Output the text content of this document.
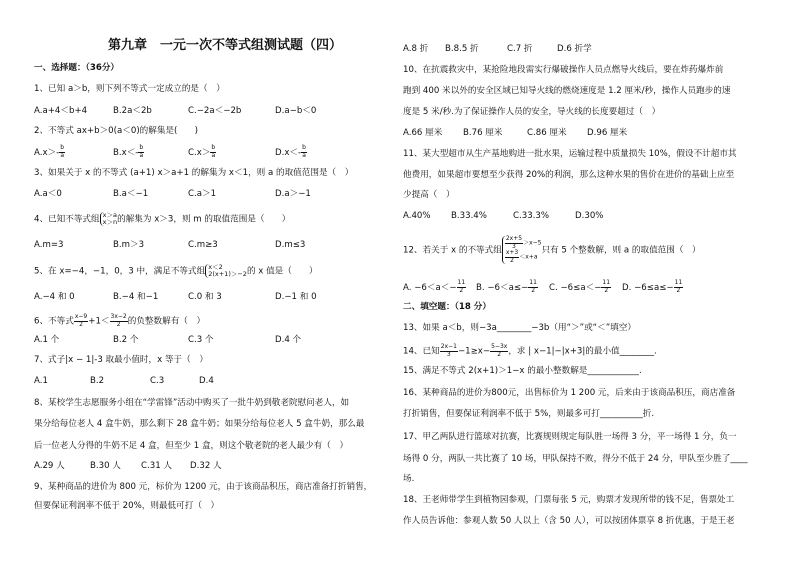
第九章　一元一次不等式组测试题（四）
一、选择题：（36分）
1、已知 a＞b，则下列不等式一定成立的是（　）
A.a+4＜b+4	B.2a＜2b	C.−2a＜−2b	D.a−b＜0
2、不等式 ax+b＞0(a＜0)的解集是(　　)
$A.x>- \frac{b}{a}$	$B.x<- \frac{b}{a}$	$C.x> \frac{b}{a}$	$D.x<- \frac{b}{a}$
3、如果关于 x 的不等式 (a+1) x＞a+1 的解集为 x＜1，则 a 的取值范围是（　）
A.a＜0	B.a＜−1	C.a＞1	D.a＞−1
4、已知不等式组 x＞a
x＞n 的解集为 x＞3，则 m 的取值范围是（　　）
A.m=3	B.m＞3	C.m≥3	D.m≤3
5、在 x=−4，−1，0，3 中，满足不等式组 x＜2
2(x+1)＞−2 的 x 值是（　　）
A.−4 和 0	B.−4 和−1	C.0 和 3	D.−1 和 0
6、不等式 $\frac{x-9}{2} +1< \frac{3x-2}{2}$ 的负整数解有（　）
A.1 个	B.2 个	C.3 个	D.4 个
7、式子|x − 1|-3 取最小值时，x 等于（　）
A.1	B.2	C.3	D.4
8、某校学生志愿服务小组在“学雷锋”活动中购买了一批牛奶到敬老院慰问老人，如
果分给每位老人 4 盒牛奶，那么剩下 28 盒牛奶；如果分给每位老人 5 盒牛奶，那么最
后一位老人分得的牛奶不足 4 盒，但至少 1 盒，则这个敬老院的老人最少有（　）
A.29 人	B.30 人 C.31 人 D.32 人
9、某种商品的进价为 800 元，标价为 1200 元，由于该商品积压，商店准备打折销售，
但要保证利润率不低于 20%，则最低可打（　）
A.8 折 B.8.5 折	C.7 折	D.6 折学
10、在抗震救灾中，某抢险地段需实行爆破操作人员点燃导火线后，要在炸药爆炸前
跑到 400 米以外的安全区域已知导火线的燃烧速度是 1.2 厘米/秒，操作人员跑步的速
度是 5 米/秒.为了保证操作人员的安全，导火线的长度要超过（　）
A.66 厘米 B.76 厘米	C.86 厘米 D.96 厘米
11、某大型超市从生产基地购进一批水果，运输过程中质量损失 10%，假设不计超市其
他费用，如果超市要想至少获得 20%的利润，那么这种水果的售价在进价的基础上应至
少提高（　）
A.40% B.33.4%	C.33.3%	D.30%
12、若关于 x 的不等式组
$\frac{2x+5}{3} >x-5$
$\frac{x+3}{2} <x+a$
只有 5 个整数解，则 a 的取值范围（　）
A. $-6<a<- \frac{11}{2} B$. $-6<a\le- \frac{11}{2} C$. $-6\le a<- \frac{11}{2} D$. $-6\le a\le- \frac{11}{2}$
二、填空题：（18 分）
13、如果 a＜b，则−3a________−3b（用“＞”或“＜”填空）
14、已知 $\frac{2x-1}{3} -1\ge x- \frac{5-3x}{2}$ ，求 | x−1|−|x+3|的最小值________.
15、满足不等式 2(x+1)＞1−x 的最小整数解是____________.
16、某种商品的进价为800元，出售标价为 1 200 元，后来由于该商品积压，商店准备
打折销售，但要保证利润率不低于 5%，则最多可打__________折.
17、甲乙两队进行篮球对抗赛，比赛规则规定每队胜一场得 3 分，平一场得 1 分，负一
场得 0 分，两队一共比赛了 10 场，甲队保持不败，得分不低于 24 分，甲队至少胜了____
场.
18、王老师带学生到植物园参观，门票每张 5 元，购票才发现所带的钱不足，售票处工
作人员告诉他：参观人数 50 人以上（含 50 人），可以按团体票享 8 折优惠，于是王老
